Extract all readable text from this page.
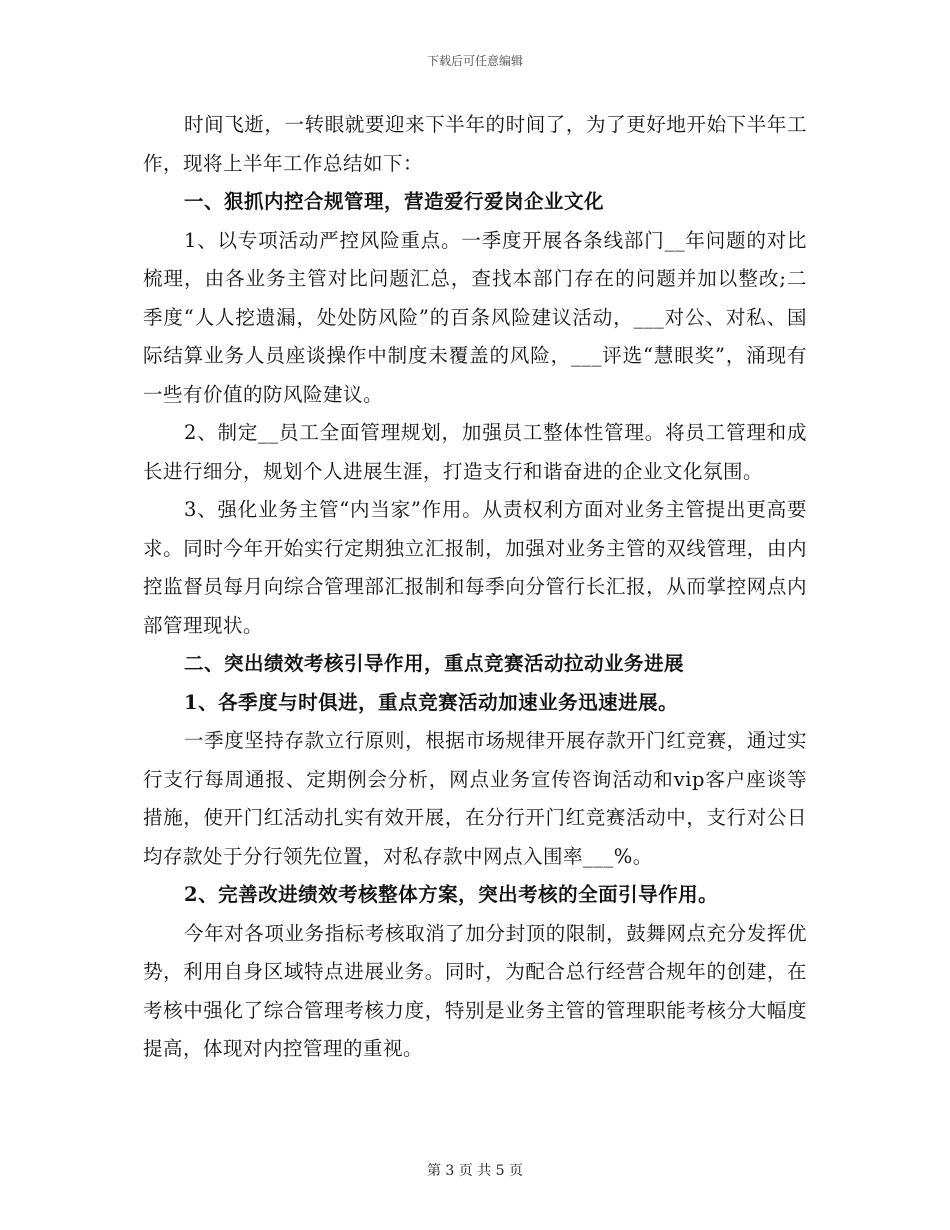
下载后可任意编辑

时间飞逝，一转眼就要迎来下半年的时间了，为了更好地开始下半年工作，现将上半年工作总结如下：

一、狠抓内控合规管理，营造爱行爱岗企业文化

1、以专项活动严控风险重点。一季度开展各条线部门__年问题的对比梳理，由各业务主管对比问题汇总，查找本部门存在的问题并加以整改;二季度“人人挖遗漏，处处防风险”的百条风险建议活动，___对公、对私、国际结算业务人员座谈操作中制度未覆盖的风险，___评选“慧眼奖”，涌现有一些有价值的防风险建议。

2、制定__员工全面管理规划，加强员工整体性管理。将员工管理和成长进行细分，规划个人进展生涯，打造支行和谐奋进的企业文化氛围。

3、强化业务主管“内当家”作用。从责权利方面对业务主管提出更高要求。同时今年开始实行定期独立汇报制，加强对业务主管的双线管理，由内控监督员每月向综合管理部汇报制和每季向分管行长汇报，从而掌控网点内部管理现状。

二、突出绩效考核引导作用，重点竞赛活动拉动业务进展

1、各季度与时俱进，重点竞赛活动加速业务迅速进展。

一季度坚持存款立行原则，根据市场规律开展存款开门红竞赛，通过实行支行每周通报、定期例会分析，网点业务宣传咨询活动和vip客户座谈等措施，使开门红活动扎实有效开展，在分行开门红竞赛活动中，支行对公日均存款处于分行领先位置，对私存款中网点入围率___%。

2、完善改进绩效考核整体方案，突出考核的全面引导作用。

今年对各项业务指标考核取消了加分封顶的限制，鼓舞网点充分发挥优势，利用自身区域特点进展业务。同时，为配合总行经营合规年的创建，在考核中强化了综合管理考核力度，特别是业务主管的管理职能考核分大幅度提高，体现对内控管理的重视。

第 3 页 共 5 页
